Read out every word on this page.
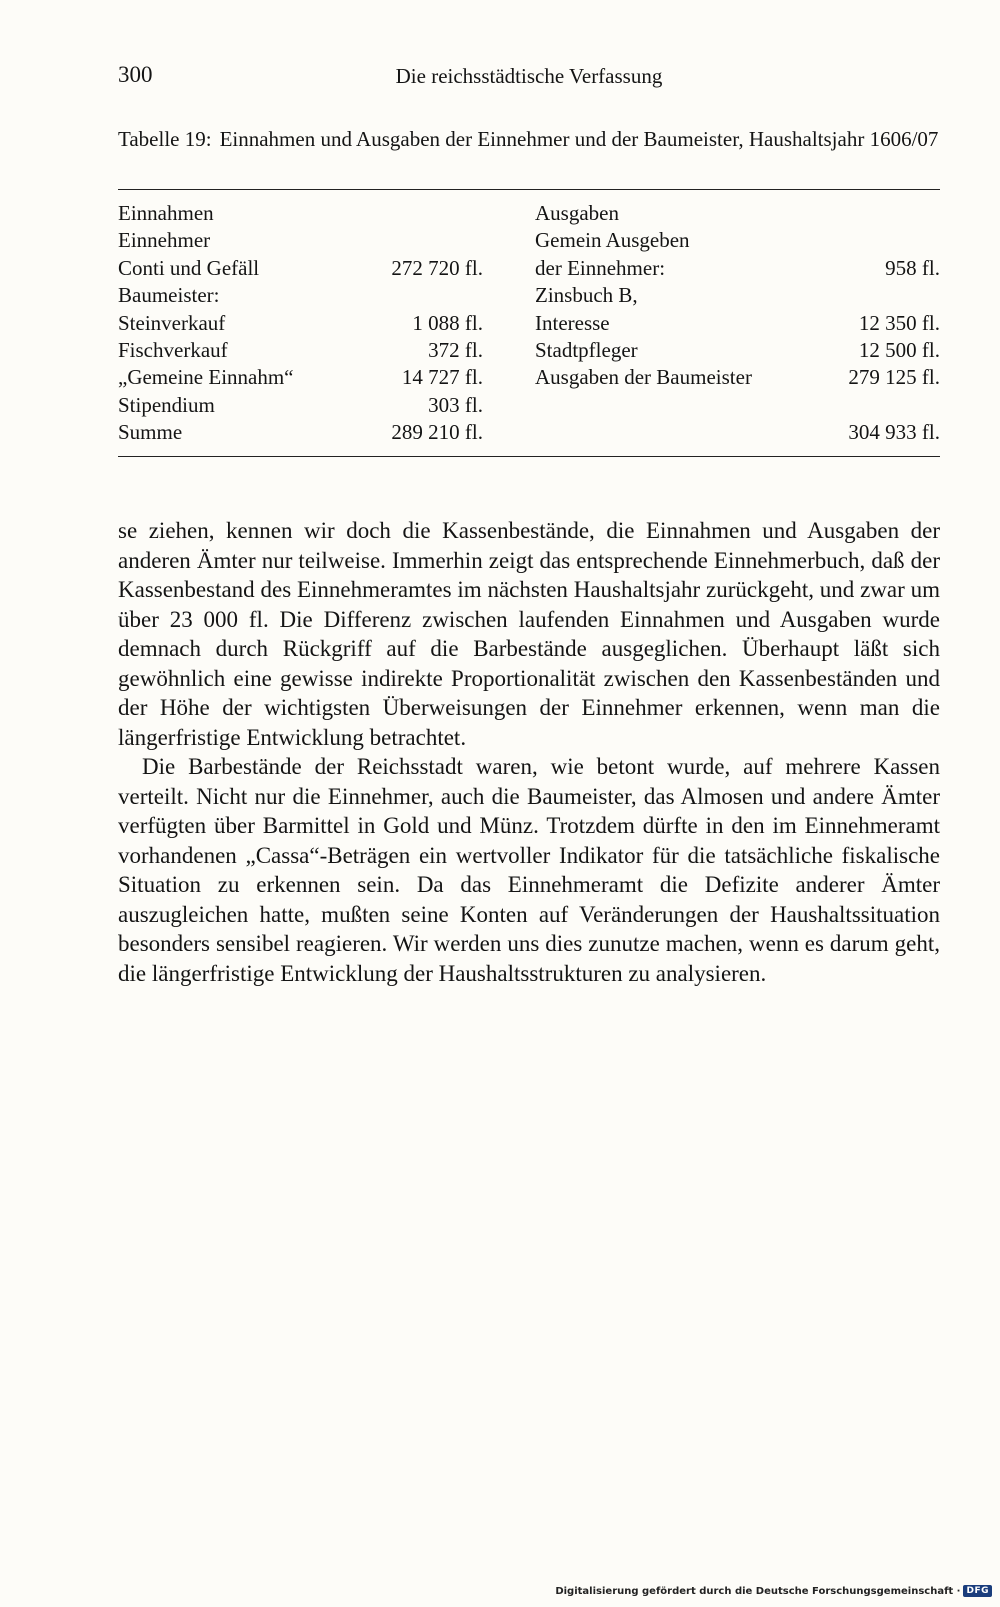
300	Die reichsstädtische Verfassung
Tabelle 19: Einnahmen und Ausgaben der Einnehmer und der Baumeister, Haushaltsjahr 1606/07
Einnahmen	Ausgaben
Einnehmer	Gemein Ausgeben
Conti und Gefäll	272 720 fl. der Einnehmer:	958 fl.
Baumeister:	Zinsbuch B,
Steinverkauf	1 088 fl. Interesse	12 350 fl.
Fischverkauf	372 fl. Stadtpfleger	12 500 fl.
„Gemeine Einnahm“	14 727 fl. Ausgaben der Baumeister	279 125 fl.
Stipendium	303 fl.
Summe	289 210 fl.	304 933 fl.

se ziehen, kennen wir doch die Kassenbestände, die Einnahmen und Ausgaben der anderen Ämter nur teilweise. Immerhin zeigt das entsprechende Einnehmerbuch, daß der Kassenbestand des Einnehmeramtes im nächsten Haushaltsjahr zurückgeht, und zwar um über 23 000 fl. Die Differenz zwischen laufenden Einnahmen und Ausgaben wurde demnach durch Rückgriff auf die Barbestände ausgeglichen. Überhaupt läßt sich gewöhnlich eine gewisse indirekte Proportionalität zwischen den Kassenbeständen und der Höhe der wichtigsten Überweisungen der Einnehmer erkennen, wenn man die längerfristige Entwicklung betrachtet.

Die Barbestände der Reichsstadt waren, wie betont wurde, auf mehrere Kassen verteilt. Nicht nur die Einnehmer, auch die Baumeister, das Almosen und andere Ämter verfügten über Barmittel in Gold und Münz. Trotzdem dürfte in den im Einnehmeramt vorhandenen „Cassa“-Beträgen ein wertvoller Indikator für die tatsächliche fiskalische Situation zu erkennen sein. Da das Einnehmeramt die Defizite anderer Ämter auszugleichen hatte, mußten seine Konten auf Veränderungen der Haushaltssituation besonders sensibel reagieren. Wir werden uns dies zunutze machen, wenn es darum geht, die längerfristige Entwicklung der Haushaltsstrukturen zu analysieren.

Digitalisierung gefördert durch die Deutsche Forschungsgemeinschaft · DFG
